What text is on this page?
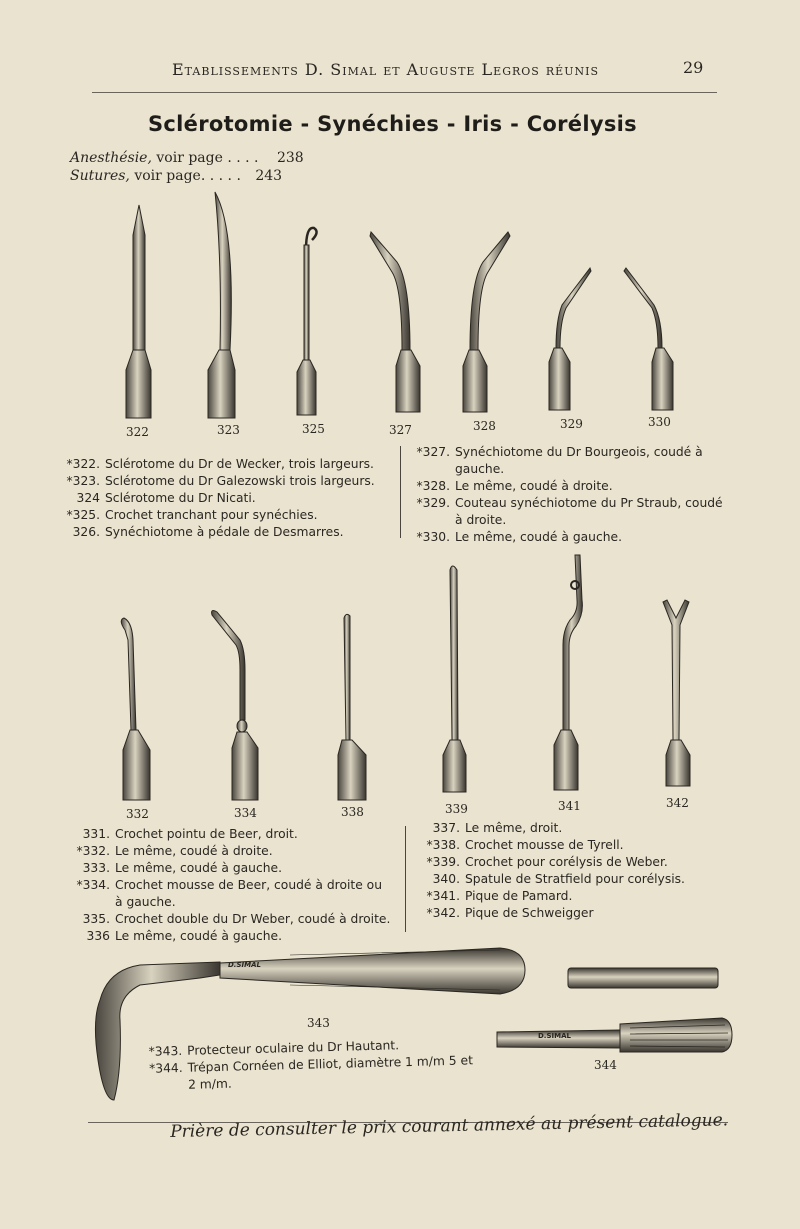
Etablissements D. Simal et Auguste Legros réunis	29
Sclérotomie - Synéchies - Iris - Corélysis
Anesthésie, voir page . . . . 238
Sutures, voir page. . . . . 243
322	323	325	327	328	329	330
*322. Sclérotome du Dr de Wecker, trois largeurs.
*323. Sclérotome du Dr Galezowski trois largeurs.
324 Sclérotome du Dr Nicati.
*325. Crochet tranchant pour synéchies.
326. Synéchiotome à pédale de Desmarres.
*327. Synéchiotome du Dr Bourgeois, coudé à gauche.
*328. Le même, coudé à droite.
*329. Couteau synéchiotome du Pr Straub, coudé à droite.
*330. Le même, coudé à gauche.
332	334	338	339	341	342
331. Crochet pointu de Beer, droit.
*332. Le même, coudé à droite.
333. Le même, coudé à gauche.
*334. Crochet mousse de Beer, coudé à droite ou à gauche.
335. Crochet double du Dr Weber, coudé à droite.
336 Le même, coudé à gauche.
337. Le même, droit.
*338. Crochet mousse de Tyrell.
*339. Crochet pour corélysis de Weber.
340. Spatule de Stratfield pour corélysis.
*341. Pique de Pamard.
*342. Pique de Schweigger
343
344
D.SIMAL
D.SIMAL
*343. Protecteur oculaire du Dr Hautant.
*344. Trépan Cornéen de Elliot, diamètre 1 m/m 5 et 2 m/m.
Prière de consulter le prix courant annexé au présent catalogue.
